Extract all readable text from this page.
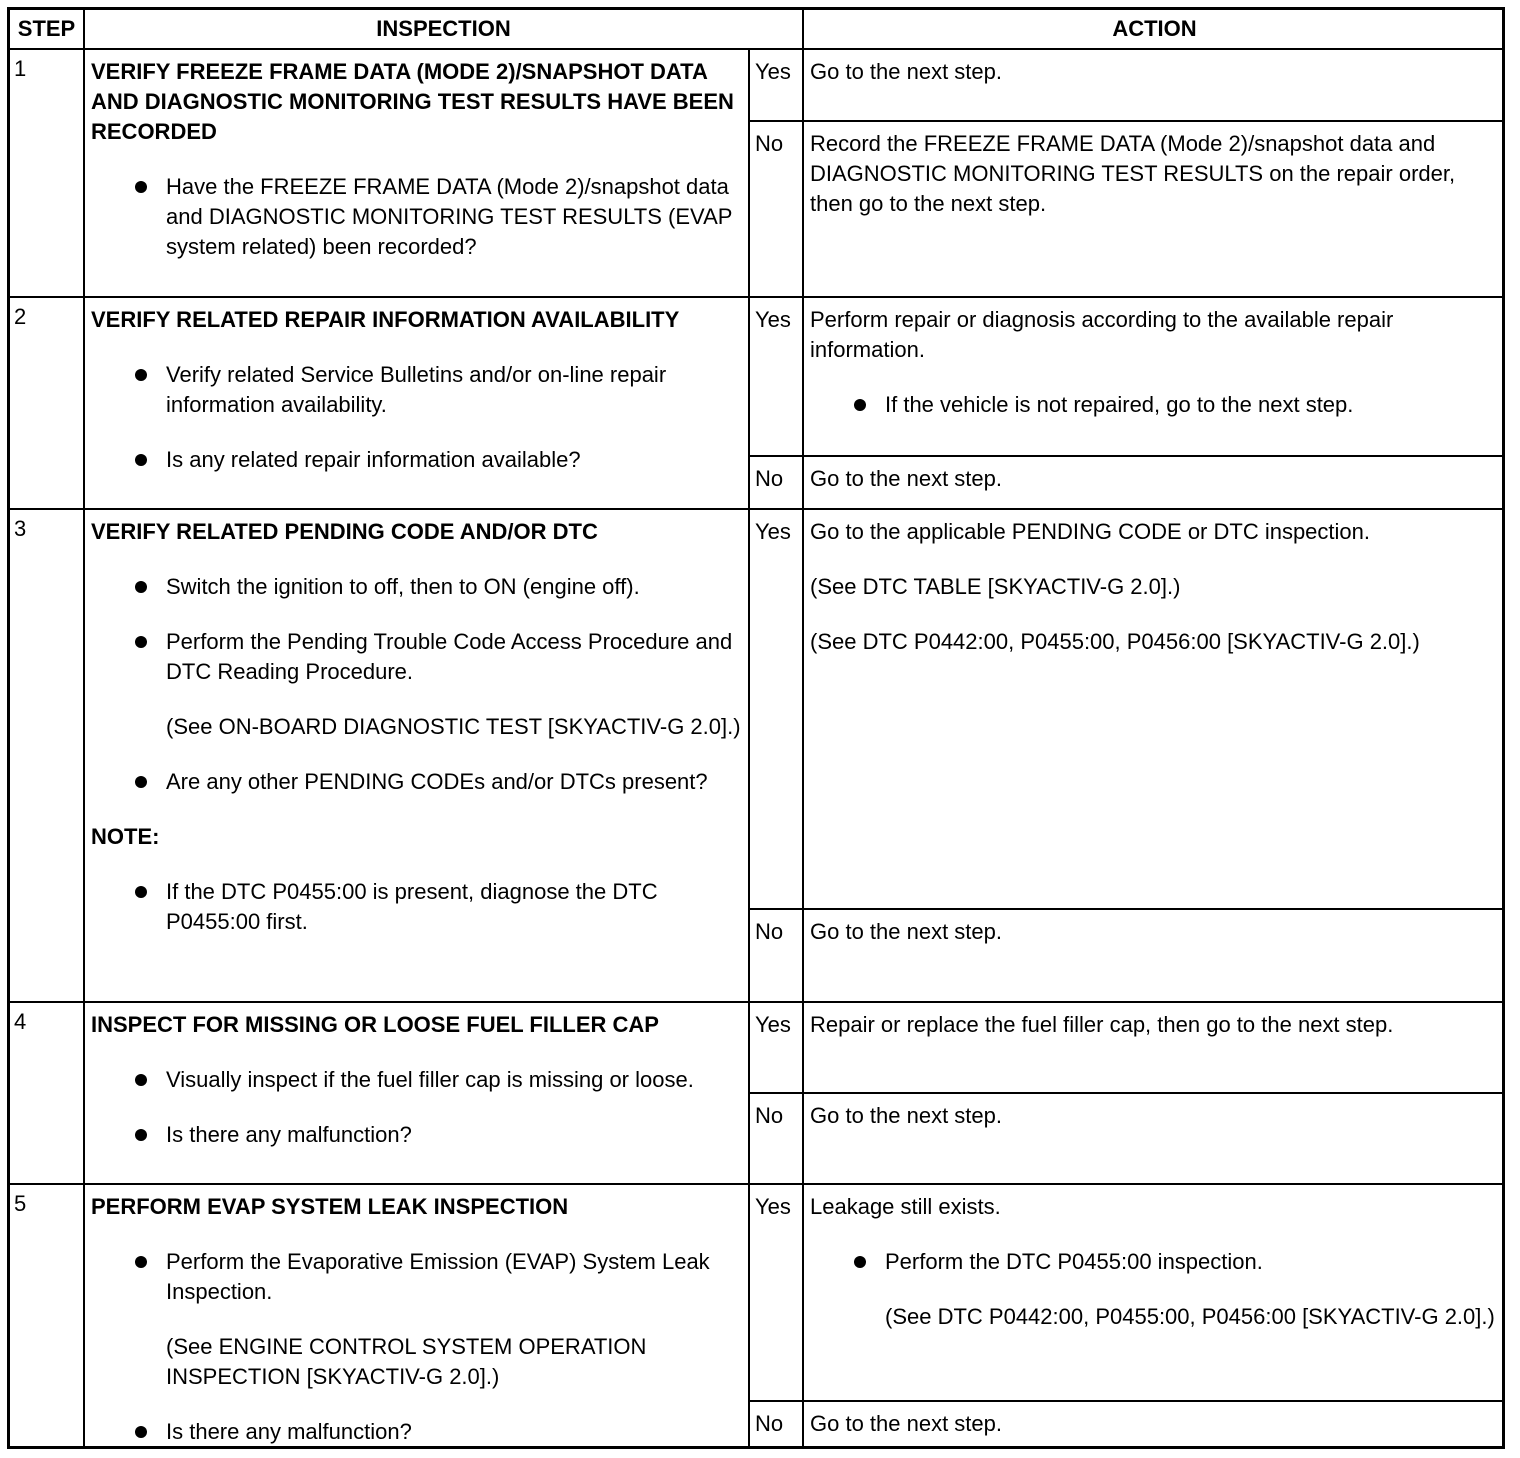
STEP	INSPECTION	ACTION
1	VERIFY FREEZE FRAME DATA (MODE 2)/SNAPSHOT DATA AND DIAGNOSTIC MONITORING TEST RESULTS HAVE BEEN RECORDED

Have the FREEZE FRAME DATA (Mode 2)/snapshot data and DIAGNOSTIC MONITORING TEST RESULTS (EVAP system related) been recorded?
Yes Go to the next step.

No	Record the FREEZE FRAME DATA (Mode 2)/snapshot data and DIAGNOSTIC MONITORING TEST RESULTS on the repair order, then go to the next step.

2	VERIFY RELATED REPAIR INFORMATION AVAILABILITY

Verify related Service Bulletins and/or on-line repair information availability.
Is any related repair information available?
Yes Perform repair or diagnosis according to the available repair information.

If the vehicle is not repaired, go to the next step.
No	Go to the next step.

3	VERIFY RELATED PENDING CODE AND/OR DTC

Switch the ignition to off, then to ON (engine off).
Perform the Pending Trouble Code Access Procedure and DTC Reading Procedure.

(See ON-BOARD DIAGNOSTIC TEST [SKYACTIV-G 2.0].)

Are any other PENDING CODEs and/or DTCs present?

NOTE:

If the DTC P0455:00 is present, diagnose the DTC P0455:00 first.
Yes Go to the applicable PENDING CODE or DTC inspection.

(See DTC TABLE [SKYACTIV-G 2.0].)

(See DTC P0442:00, P0455:00, P0456:00 [SKYACTIV-G 2.0].)

No	Go to the next step.

4	INSPECT FOR MISSING OR LOOSE FUEL FILLER CAP

Visually inspect if the fuel filler cap is missing or loose.
Is there any malfunction?
Yes Repair or replace the fuel filler cap, then go to the next step.

No	Go to the next step.

5	PERFORM EVAP SYSTEM LEAK INSPECTION

Perform the Evaporative Emission (EVAP) System Leak Inspection.

(See ENGINE CONTROL SYSTEM OPERATION INSPECTION [SKYACTIV-G 2.0].)

Is there any malfunction?
Yes Leakage still exists.

Perform the DTC P0455:00 inspection.

(See DTC P0442:00, P0455:00, P0456:00 [SKYACTIV-G 2.0].)

No	Go to the next step.
